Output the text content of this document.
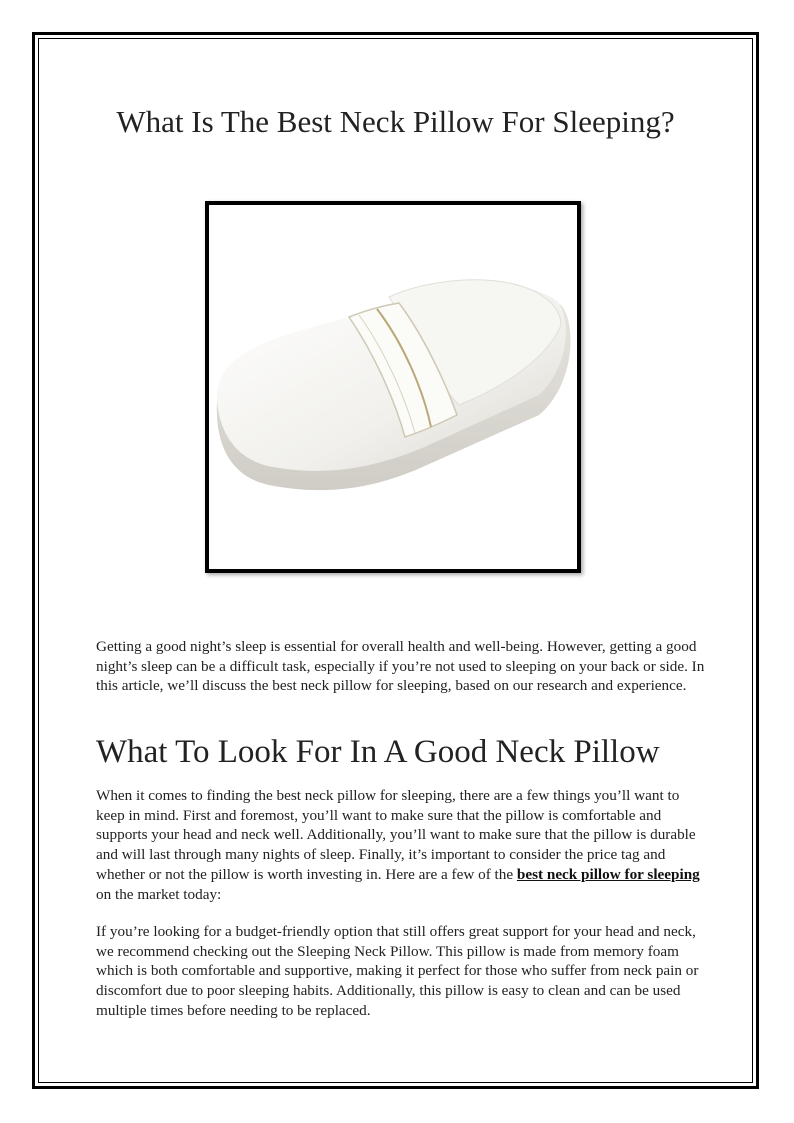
What Is The Best Neck Pillow For Sleeping?

Getting a good night’s sleep is essential for overall health and well-being. However, getting a good night’s sleep can be a difficult task, especially if you’re not used to sleeping on your back or side. In this article, we’ll discuss the best neck pillow for sleeping, based on our research and experience.

What To Look For In A Good Neck Pillow

When it comes to finding the best neck pillow for sleeping, there are a few things you’ll want to keep in mind. First and foremost, you’ll want to make sure that the pillow is comfortable and supports your head and neck well. Additionally, you’ll want to make sure that the pillow is durable and will last through many nights of sleep. Finally, it’s important to consider the price tag and whether or not the pillow is worth investing in. Here are a few of the best neck pillow for sleeping on the market today:

If you’re looking for a budget-friendly option that still offers great support for your head and neck, we recommend checking out the Sleeping Neck Pillow. This pillow is made from memory foam which is both comfortable and supportive, making it perfect for those who suffer from neck pain or discomfort due to poor sleeping habits. Additionally, this pillow is easy to clean and can be used multiple times before needing to be replaced.
